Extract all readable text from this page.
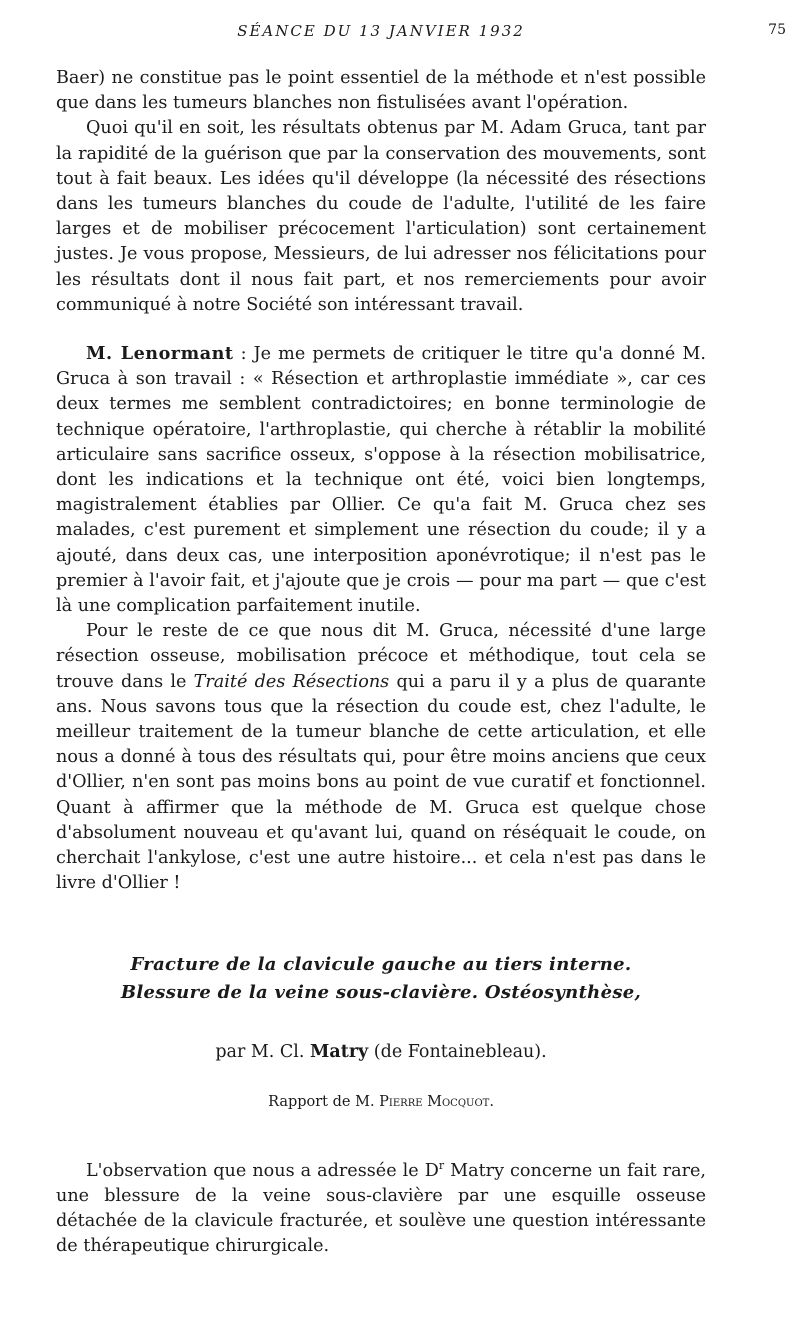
SÉANCE DU 13 JANVIER 1932	75

Baer) ne constitue pas le point essentiel de la méthode et n'est possible que dans les tumeurs blanches non fistulisées avant l'opération.

Quoi qu'il en soit, les résultats obtenus par M. Adam Gruca, tant par la rapidité de la guérison que par la conservation des mouvements, sont tout à fait beaux. Les idées qu'il développe (la nécessité des résections dans les tumeurs blanches du coude de l'adulte, l'utilité de les faire larges et de mobiliser précocement l'articulation) sont certainement justes. Je vous propose, Messieurs, de lui adresser nos félicitations pour les résultats dont il nous fait part, et nos remerciements pour avoir communiqué à notre Société son intéressant travail.

M. Lenormant : Je me permets de critiquer le titre qu'a donné M. Gruca à son travail : « Résection et arthroplastie immédiate », car ces deux termes me semblent contradictoires; en bonne terminologie de technique opératoire, l'arthroplastie, qui cherche à rétablir la mobilité articulaire sans sacrifice osseux, s'oppose à la résection mobilisatrice, dont les indications et la technique ont été, voici bien longtemps, magistralement établies par Ollier. Ce qu'a fait M. Gruca chez ses malades, c'est purement et simplement une résection du coude; il y a ajouté, dans deux cas, une interposition aponévrotique; il n'est pas le premier à l'avoir fait, et j'ajoute que je crois — pour ma part — que c'est là une complication parfaitement inutile.

Pour le reste de ce que nous dit M. Gruca, nécessité d'une large résection osseuse, mobilisation précoce et méthodique, tout cela se trouve dans le Traité des Résections qui a paru il y a plus de quarante ans. Nous savons tous que la résection du coude est, chez l'adulte, le meilleur traitement de la tumeur blanche de cette articulation, et elle nous a donné à tous des résultats qui, pour être moins anciens que ceux d'Ollier, n'en sont pas moins bons au point de vue curatif et fonctionnel. Quant à affirmer que la méthode de M. Gruca est quelque chose d'absolument nouveau et qu'avant lui, quand on réséquait le coude, on cherchait l'ankylose, c'est une autre histoire... et cela n'est pas dans le livre d'Ollier !

Fracture de la clavicule gauche au tiers interne.
Blessure de la veine sous-clavière. Ostéosynthèse,
par M. Cl. Matry (de Fontainebleau).
Rapport de M. Pierre Mocquot.

L'observation que nous a adressée le $D^r$ Matry concerne un fait rare, une blessure de la veine sous-clavière par une esquille osseuse détachée de la clavicule fracturée, et soulève une question intéressante de thérapeutique chirurgicale.
